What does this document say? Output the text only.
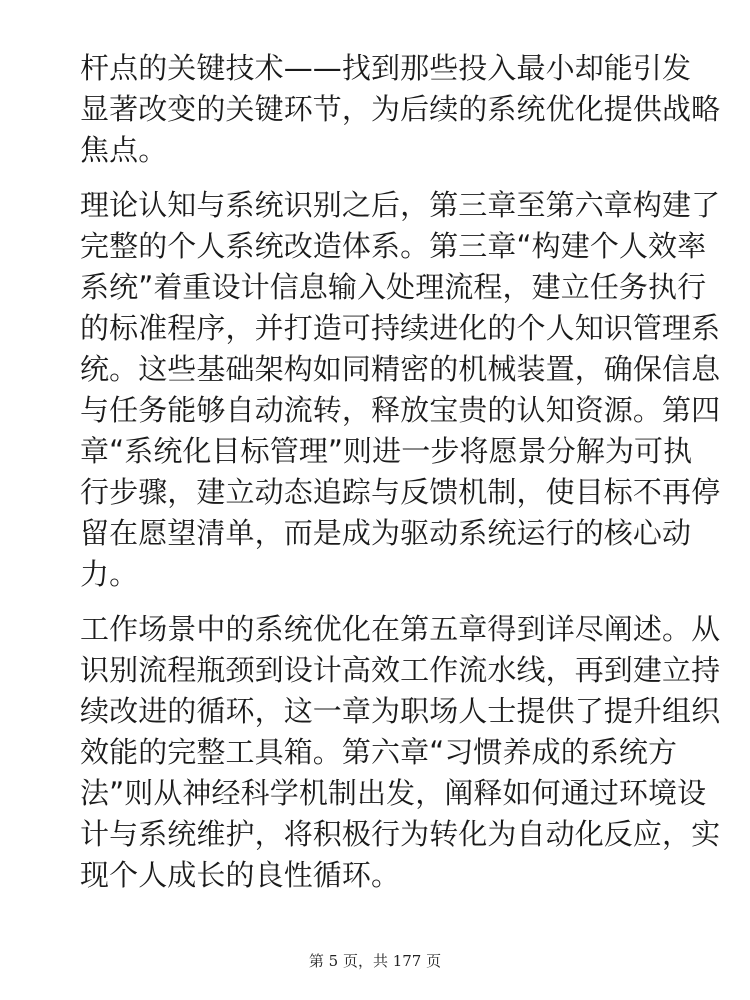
杆点的关键技术——找到那些投入最小却能引发
显著改变的关键环节，为后续的系统优化提供战略
焦点。

理论认知与系统识别之后，第三章至第六章构建了
完整的个人系统改造体系。第三章“构建个人效率
系统”着重设计信息输入处理流程，建立任务执行
的标准程序，并打造可持续进化的个人知识管理系
统。这些基础架构如同精密的机械装置，确保信息
与任务能够自动流转，释放宝贵的认知资源。第四
章“系统化目标管理”则进一步将愿景分解为可执
行步骤，建立动态追踪与反馈机制，使目标不再停
留在愿望清单，而是成为驱动系统运行的核心动
力。

工作场景中的系统优化在第五章得到详尽阐述。从
识别流程瓶颈到设计高效工作流水线，再到建立持
续改进的循环，这一章为职场人士提供了提升组织
效能的完整工具箱。第六章“习惯养成的系统方
法”则从神经科学机制出发，阐释如何通过环境设
计与系统维护，将积极行为转化为自动化反应，实
现个人成长的良性循环。

第 5 页，共 177 页
